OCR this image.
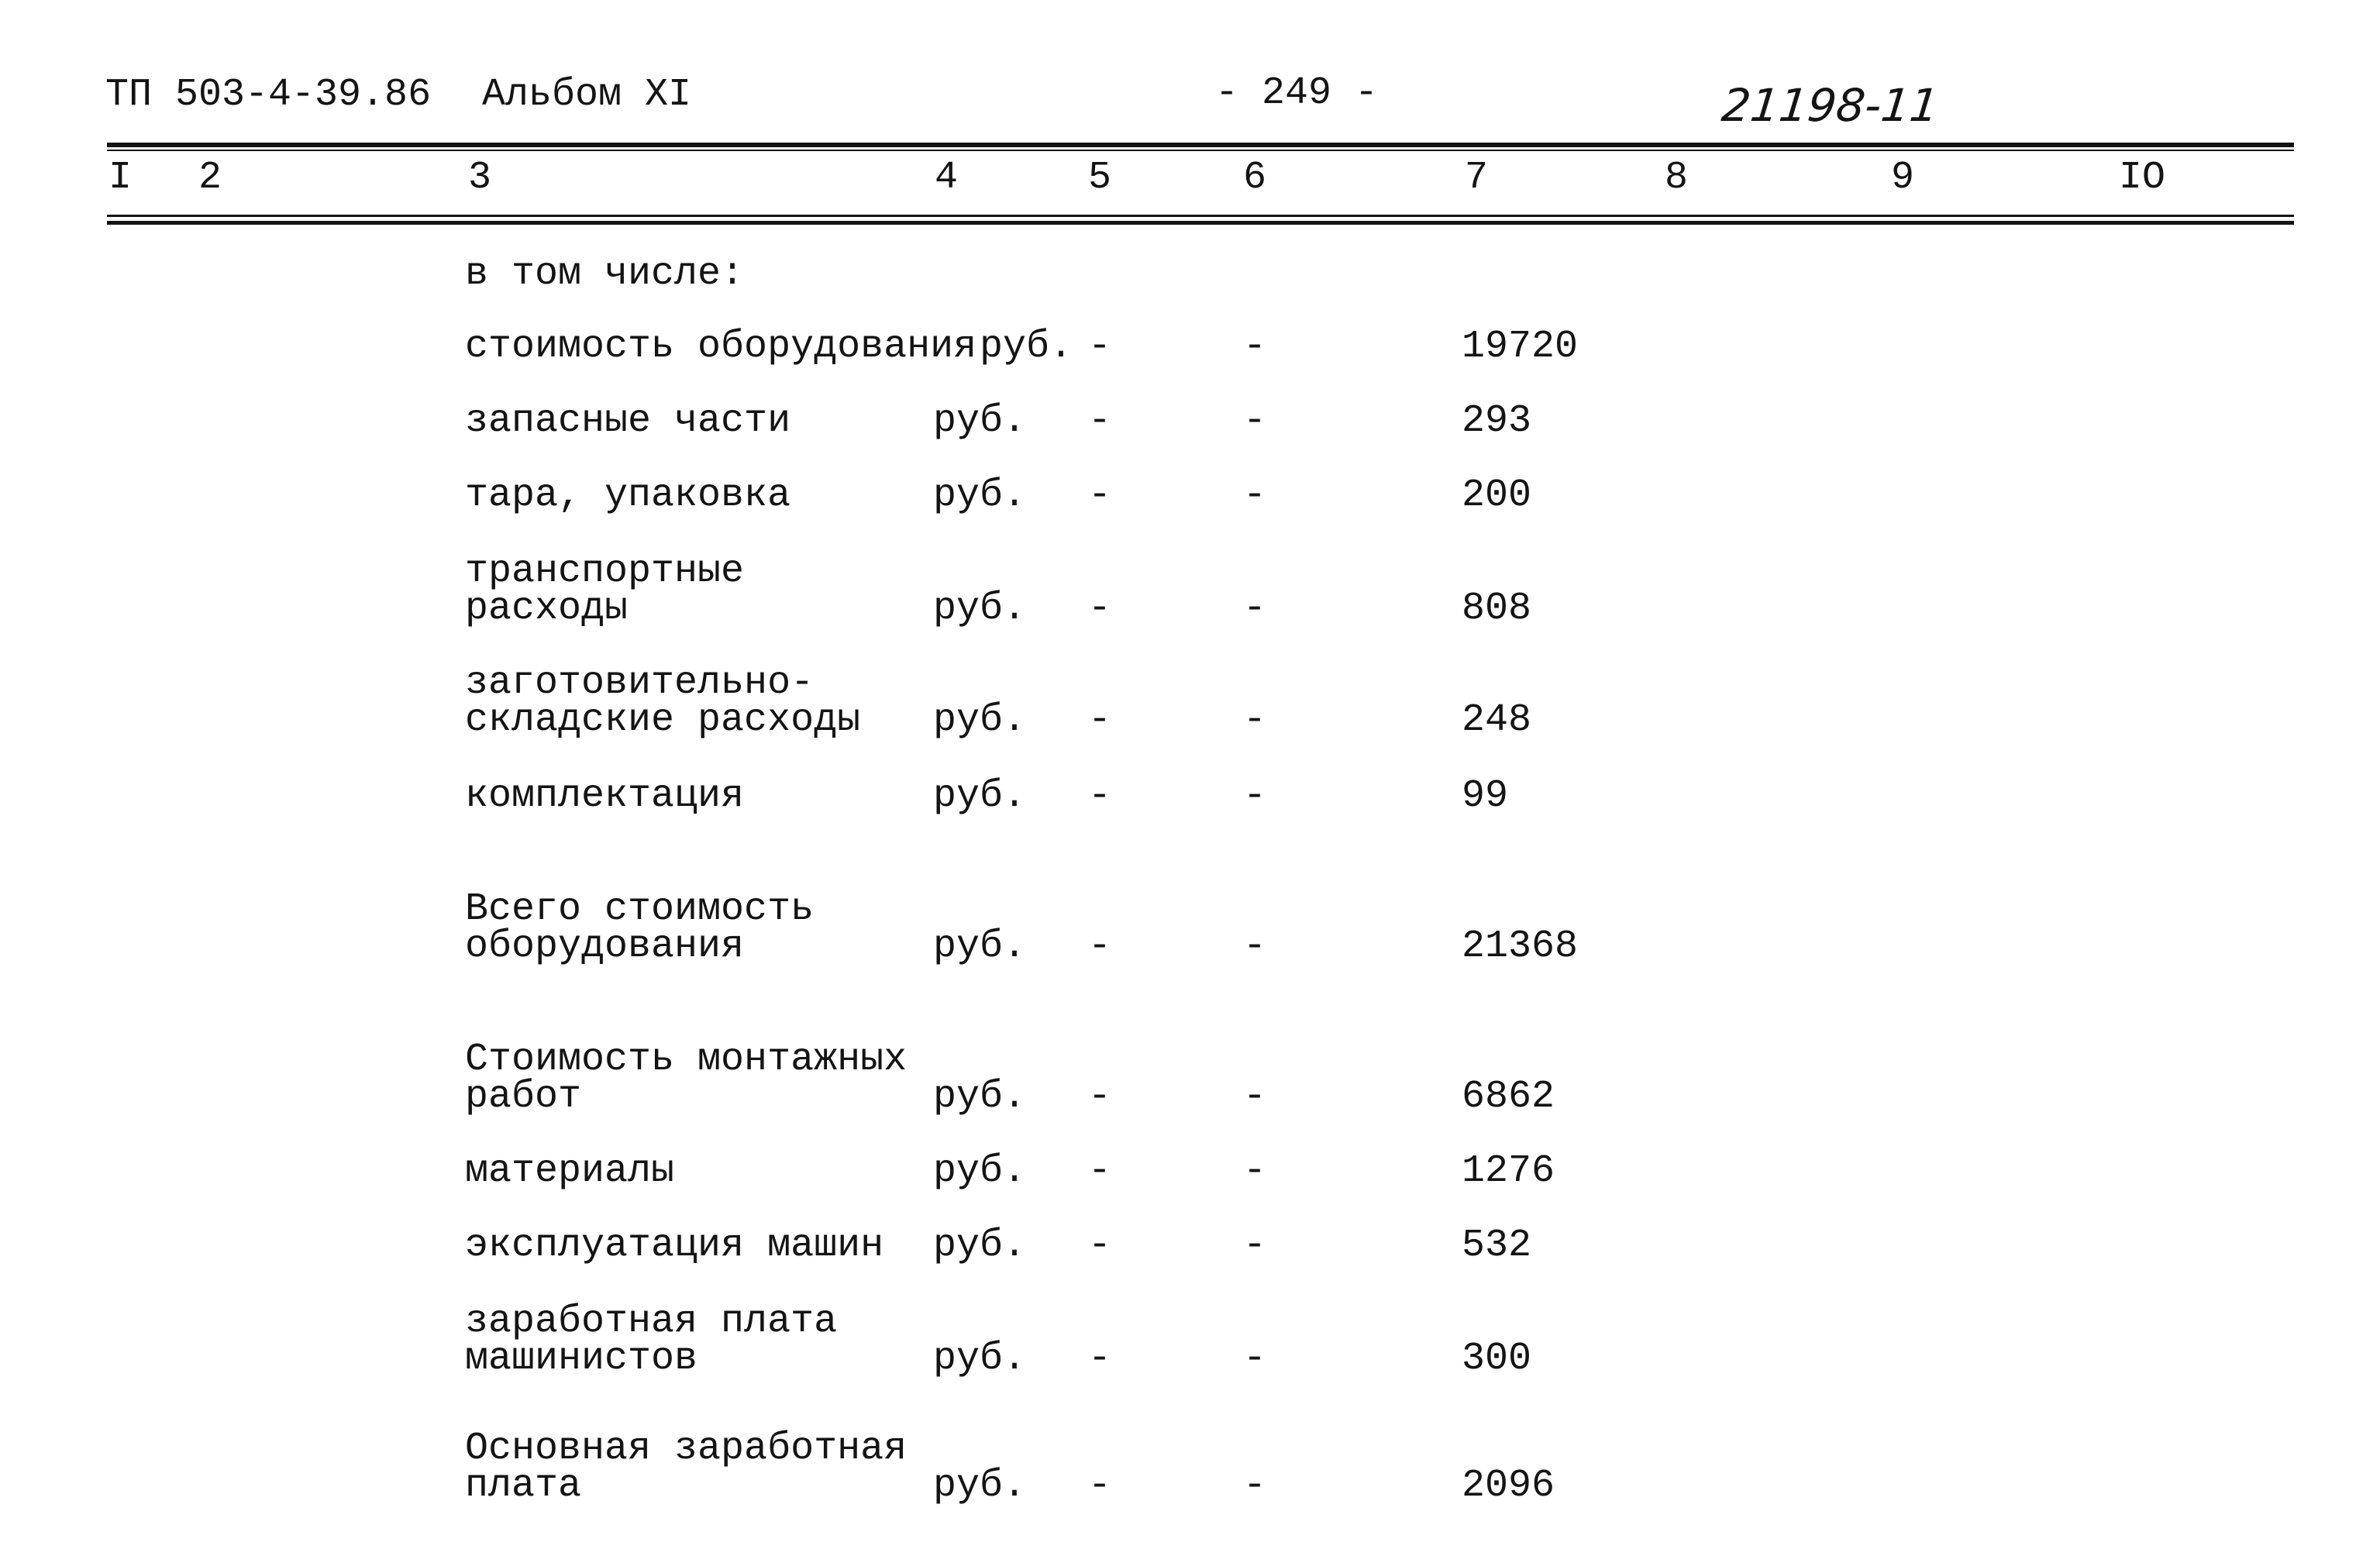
ТП 503-4-39.86 Альбом XI	- 249 -	21198-11
I 2	3	4	5	6	7	8	9	IO
в том числе:
стоимость оборудования руб. -	-	19720
запасные части	руб. -	-	293
тара, упаковка	руб. -	-	200
транспортные
расходы	руб. -	-	808
заготовительно-
складские расходы руб. -	-	248
комплектация	руб. -	-	99
Всего стоимость
оборудования	руб. -	-	21368
Стоимость монтажных
работ	руб. -	-	6862
материалы	руб. -	-	1276
эксплуатация машин руб. -	-	532
заработная плата
машинистов	руб. -	-	300
Основная заработная
плата	руб. -	-	2096
